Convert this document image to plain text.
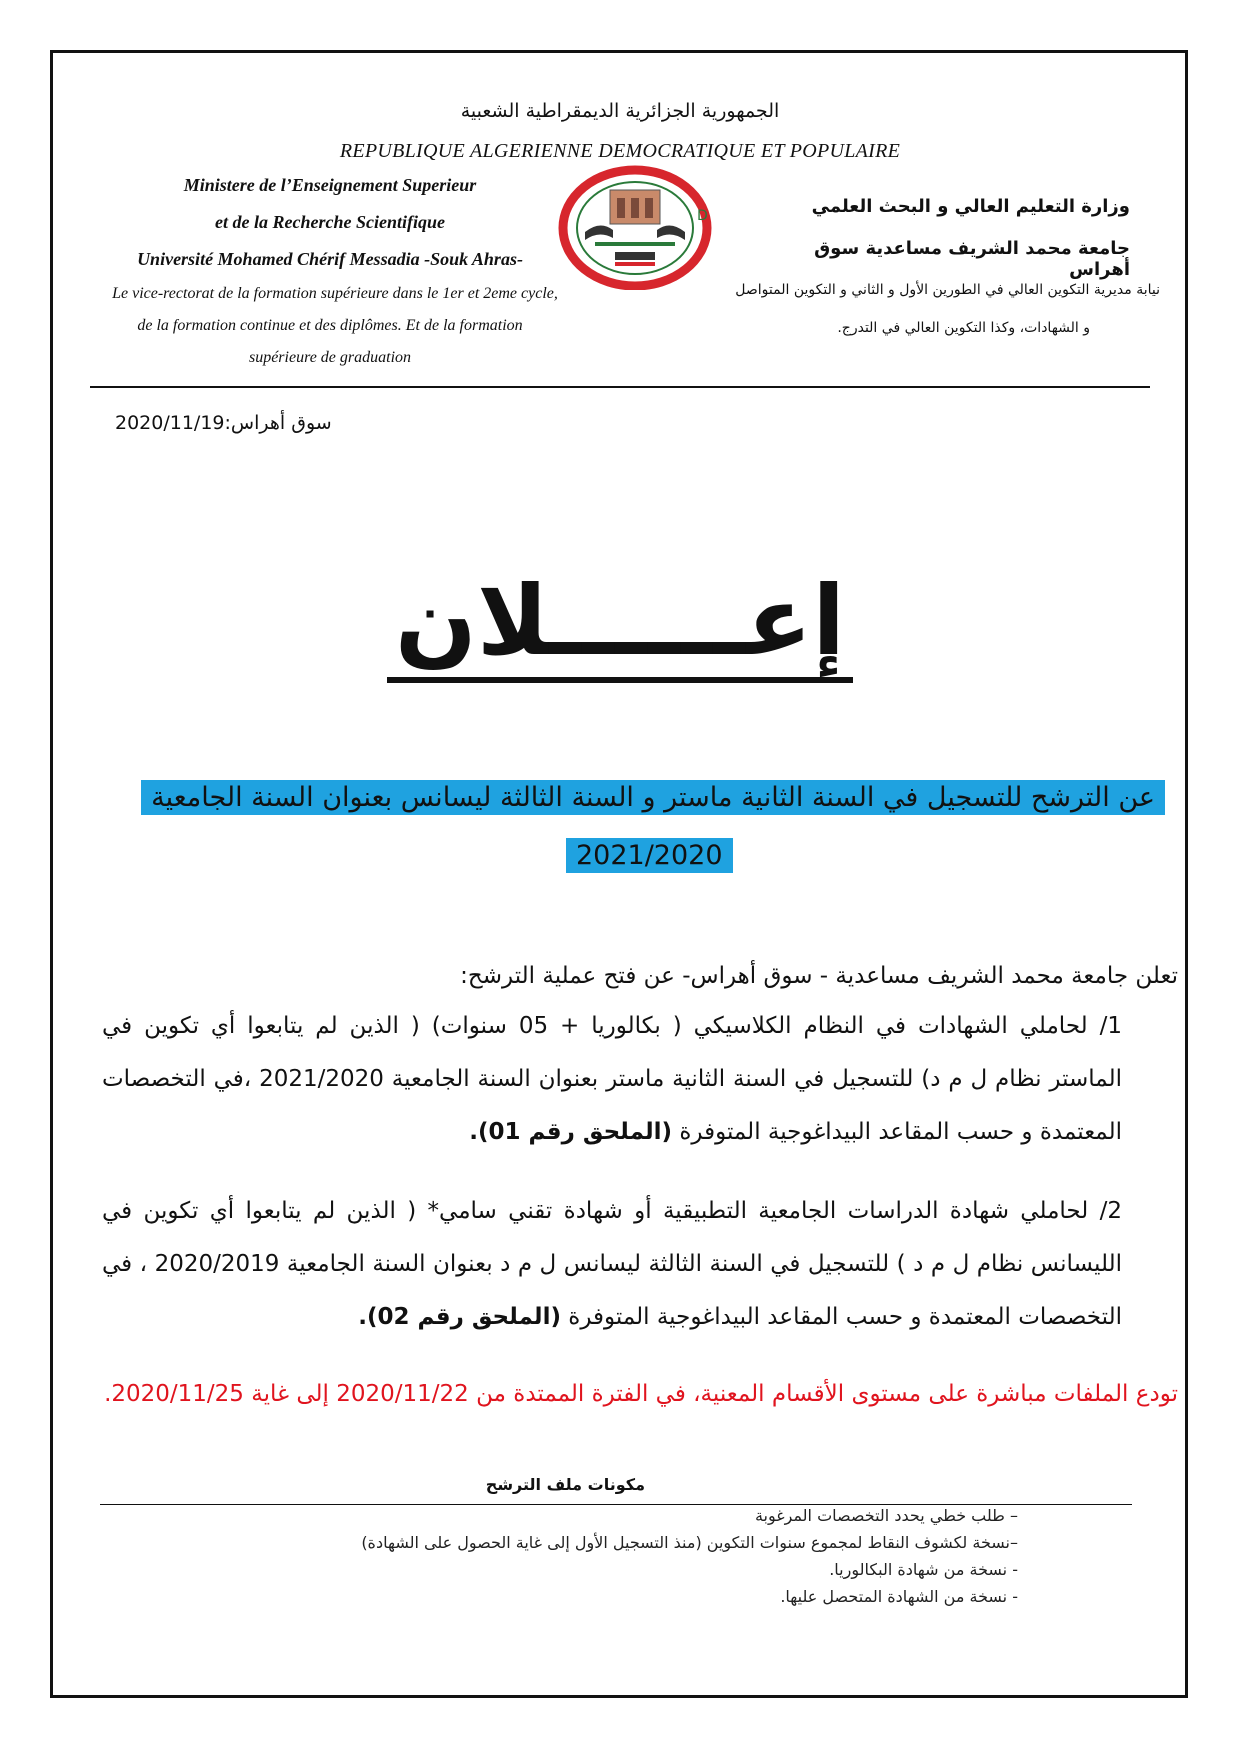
الجمهورية الجزائرية الديمقراطية الشعبية
REPUBLIQUE ALGERIENNE DEMOCRATIQUE ET POPULAIRE
Ministere de l’Enseignement Superieur
et de la Recherche Scientifique
Université Mohamed Chérif Messadia -Souk Ahras-
Le vice-rectorat de la formation supérieure dans le 1er et 2eme cycle,
de la formation continue et des diplômes. Et de la formation
supérieure de graduation
D	وزارة التعليم العالي و البحث العلمي
جامعة محمد الشريف مساعدية سوق أهراس
نيابة مديرية التكوين العالي في الطورين الأول و الثاني و التكوين المتواصل
و الشهادات، وكذا التكوين العالي في التدرج.
سوق أهراس:2020/11/19
إعــــــلان
عن الترشح للتسجيل في السنة الثانية ماستر و السنة الثالثة ليسانس بعنوان السنة الجامعية
2021/2020
تعلن جامعة محمد الشريف مساعدية - سوق أهراس- عن فتح عملية الترشح:
1/ لحاملي الشهادات في النظام الكلاسيكي ( بكالوريا + 05 سنوات) ( الذين لم يتابعوا أي تكوين في الماستر نظام ل م د) للتسجيل في السنة الثانية ماستر بعنوان السنة الجامعية 2021/2020 ،في التخصصات المعتمدة و حسب المقاعد البيداغوجية المتوفرة (الملحق رقم 01).
2/ لحاملي شهادة الدراسات الجامعية التطبيقية أو شهادة تقني سامي* ( الذين لم يتابعوا أي تكوين في الليسانس نظام ل م د ) للتسجيل في السنة الثالثة ليسانس ل م د بعنوان السنة الجامعية 2020/2019 ، في التخصصات المعتمدة و حسب المقاعد البيداغوجية المتوفرة (الملحق رقم 02).
تودع الملفات مباشرة على مستوى الأقسام المعنية، في الفترة الممتدة من 2020/11/22 إلى غاية 2020/11/25.
مكونات ملف الترشح
– طلب خطي يحدد التخصصات المرغوبة
–نسخة لكشوف النقاط لمجموع سنوات التكوين (منذ التسجيل الأول إلى غاية الحصول على الشهادة)
- نسخة من شهادة البكالوريا.
- نسخة من الشهادة المتحصل عليها.
